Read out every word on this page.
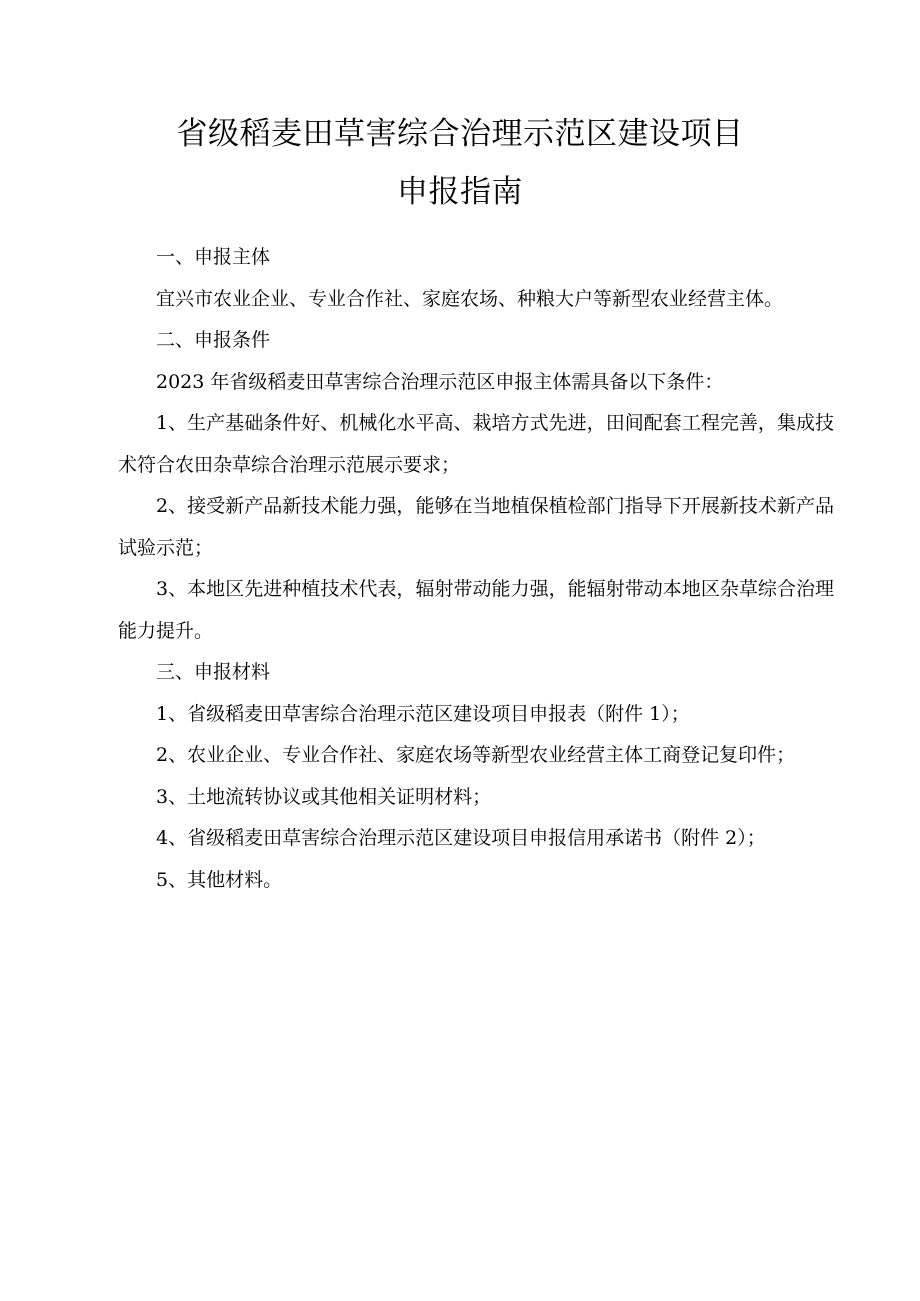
省级稻麦田草害综合治理示范区建设项目
申报指南

一、申报主体

宜兴市农业企业、专业合作社、家庭农场、种粮大户等新型农业经营主体。

二、申报条件

2023 年省级稻麦田草害综合治理示范区申报主体需具备以下条件：

1、生产基础条件好、机械化水平高、栽培方式先进，田间配套工程完善，集成技术符合农田杂草综合治理示范展示要求；

2、接受新产品新技术能力强，能够在当地植保植检部门指导下开展新技术新产品试验示范；

3、本地区先进种植技术代表，辐射带动能力强，能辐射带动本地区杂草综合治理能力提升。

三、申报材料

1、省级稻麦田草害综合治理示范区建设项目申报表（附件 1）；

2、农业企业、专业合作社、家庭农场等新型农业经营主体工商登记复印件；

3、土地流转协议或其他相关证明材料；

4、省级稻麦田草害综合治理示范区建设项目申报信用承诺书（附件 2）；

5、其他材料。
